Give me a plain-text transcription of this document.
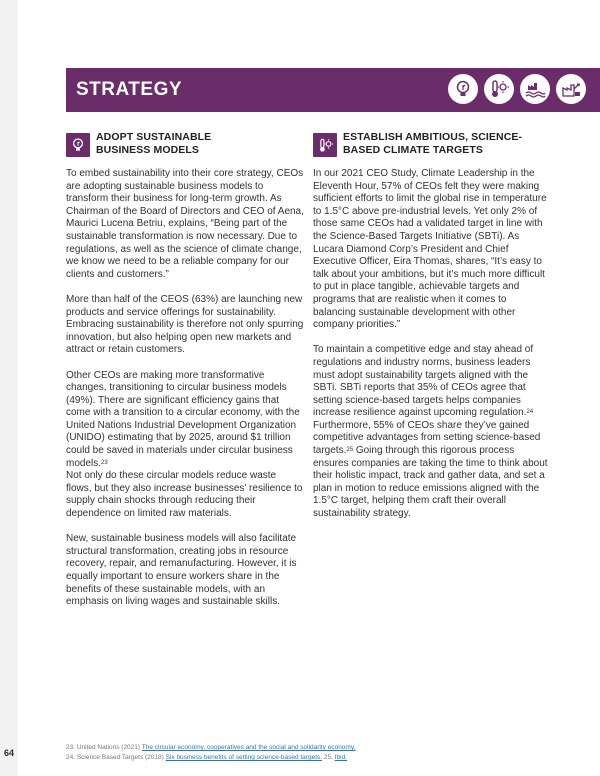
64
STRATEGY
ADOPT SUSTAINABLE
BUSINESS MODELS

To embed sustainability into their core strategy, CEOs are adopting sustainable business models to transform their business for long-term growth. As Chairman of the Board of Directors and CEO of Aena, Maurici Lucena Betriu, explains, “Being part of the sustainable transformation is now necessary. Due to regulations, as well as the science of climate change, we know we need to be a reliable company for our clients and customers.”

More than half of the CEOS (63%) are launching new products and service offerings for sustainability. Embracing sustainability is therefore not only spurring innovation, but also helping open new markets and attract or retain customers.

Other CEOs are making more transformative changes, transitioning to circular business models (49%). There are significant efficiency gains that come with a transition to a circular economy, with the United Nations Industrial Development Organization (UNIDO) estimating that by 2025, around $1 trillion could be saved in materials under circular business models.$^{23}$

Not only do these circular models reduce waste flows, but they also increase businesses’ resilience to supply chain shocks through reducing their dependence on limited raw materials.

New, sustainable business models will also facilitate structural transformation, creating jobs in resource recovery, repair, and remanufacturing. However, it is equally important to ensure workers share in the benefits of these sustainable models, with an emphasis on living wages and sustainable skills.

ESTABLISH AMBITIOUS, SCIENCE-
BASED CLIMATE TARGETS

In our 2021 CEO Study, Climate Leadership in the Eleventh Hour, 57% of CEOs felt they were making sufficient efforts to limit the global rise in temperature to 1.5°C above pre-industrial levels. Yet only 2% of those same CEOs had a validated target in line with the Science-Based Targets Initiative (SBTi). As Lucara Diamond Corp’s President and Chief Executive Officer, Eira Thomas, shares, “It’s easy to talk about your ambitions, but it’s much more difficult to put in place tangible, achievable targets and programs that are realistic when it comes to balancing sustainable development with other company priorities.”

To maintain a competitive edge and stay ahead of regulations and industry norms, business leaders must adopt sustainability targets aligned with the SBTi. SBTi reports that 35% of CEOs agree that setting science-based targets helps companies increase resilience against upcoming regulation.$^{24}$ Furthermore, 55% of CEOs share they’ve gained competitive advantages from setting science-based targets.$^{25}$ Going through this rigorous process ensures companies are taking the time to think about their holistic impact, track and gather data, and set a plan in motion to reduce emissions aligned with the 1.5°C target, helping them craft their overall sustainability strategy.

23. United Nations (2021) The circular economy, cooperatives and the social and solidarity economy.
24. Science Based Targets (2018) Six business benefits of setting science-based targets. 25. Ibid.
